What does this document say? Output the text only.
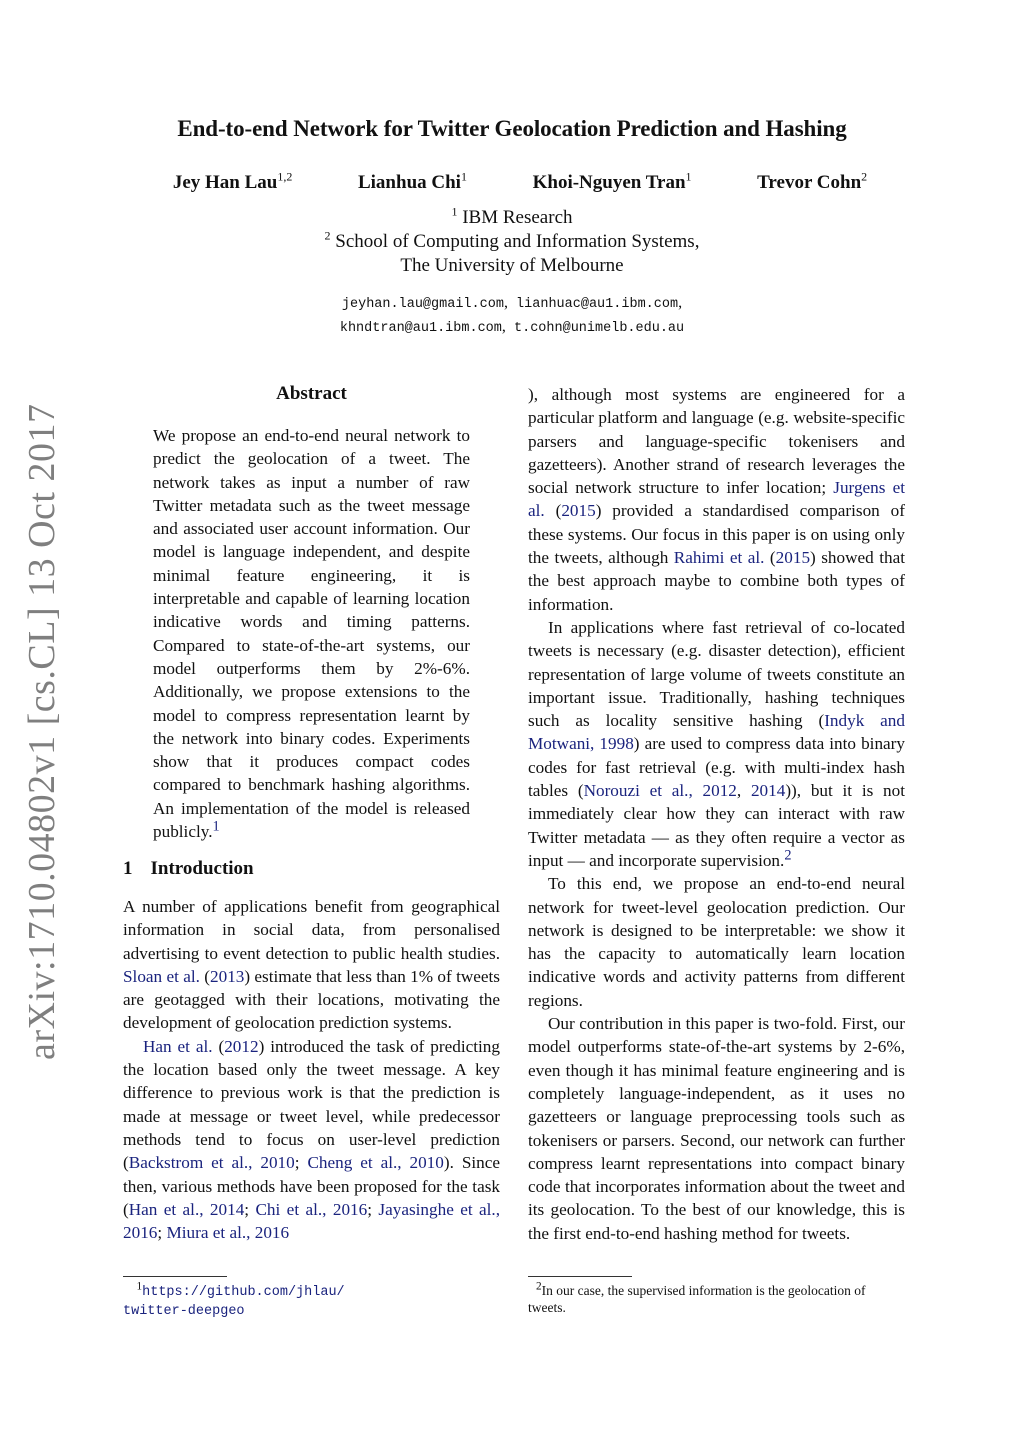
arXiv:1710.04802v1 [cs.CL] 13 Oct 2017
End-to-end Network for Twitter Geolocation Prediction and Hashing
Jey Han Lau$^{1,2}$	Lianhua Chi$^1$	Khoi-Nguyen Tran$^1$	Trevor Cohn$^2$
$^1$ IBM Research
$^2$ School of Computing and Information Systems,
The University of Melbourne
jeyhan.lau@gmail.com, lianhuac@au1.ibm.com,
khndtran@au1.ibm.com, t.cohn@unimelb.edu.au
Abstract

We propose an end-to-end neural network to predict the geolocation of a tweet. The network takes as input a number of raw Twitter metadata such as the tweet message and associated user account information. Our model is language independent, and despite minimal feature engineering, it is interpretable and capable of learning location indicative words and timing patterns. Compared to state-of-the-art systems, our model outperforms them by 2%-6%. Additionally, we propose extensions to the model to compress representation learnt by the network into binary codes. Experiments show that it produces compact codes compared to benchmark hashing algorithms. An implementation of the model is released publicly.$^1$

1 Introduction

A number of applications benefit from geographical information in social data, from personalised advertising to event detection to public health studies. Sloan et al. (2013) estimate that less than 1% of tweets are geotagged with their locations, motivating the development of geolocation prediction systems.

Han et al. (2012) introduced the task of predicting the location based only the tweet message. A key difference to previous work is that the prediction is made at message or tweet level, while predecessor methods tend to focus on user-level prediction (Backstrom et al., 2010; Cheng et al., 2010). Since then, various methods have been proposed for the task (Han et al., 2014; Chi et al., 2016; Jayasinghe et al., 2016; Miura et al., 2016

$^1$https://github.com/jhlau/
twitter-deepgeo

), although most systems are engineered for a particular platform and language (e.g. website-specific parsers and language-specific tokenisers and gazetteers). Another strand of research leverages the social network structure to infer location; Jurgens et al. (2015) provided a standardised comparison of these systems. Our focus in this paper is on using only the tweets, although Rahimi et al. (2015) showed that the best approach maybe to combine both types of information.

In applications where fast retrieval of co-located tweets is necessary (e.g. disaster detection), efficient representation of large volume of tweets constitute an important issue. Traditionally, hashing techniques such as locality sensitive hashing (Indyk and Motwani, 1998) are used to compress data into binary codes for fast retrieval (e.g. with multi-index hash tables (Norouzi et al., 2012, 2014)), but it is not immediately clear how they can interact with raw Twitter metadata — as they often require a vector as input — and incorporate supervision.$^2$

To this end, we propose an end-to-end neural network for tweet-level geolocation prediction. Our network is designed to be interpretable: we show it has the capacity to automatically learn location indicative words and activity patterns from different regions.

Our contribution in this paper is two-fold. First, our model outperforms state-of-the-art systems by 2-6%, even though it has minimal feature engineering and is completely language-independent, as it uses no gazetteers or language preprocessing tools such as tokenisers or parsers. Second, our network can further compress learnt representations into compact binary code that incorporates information about the tweet and its geolocation. To the best of our knowledge, this is the first end-to-end hashing method for tweets.

$^2$In our case, the supervised information is the geolocation of tweets.
